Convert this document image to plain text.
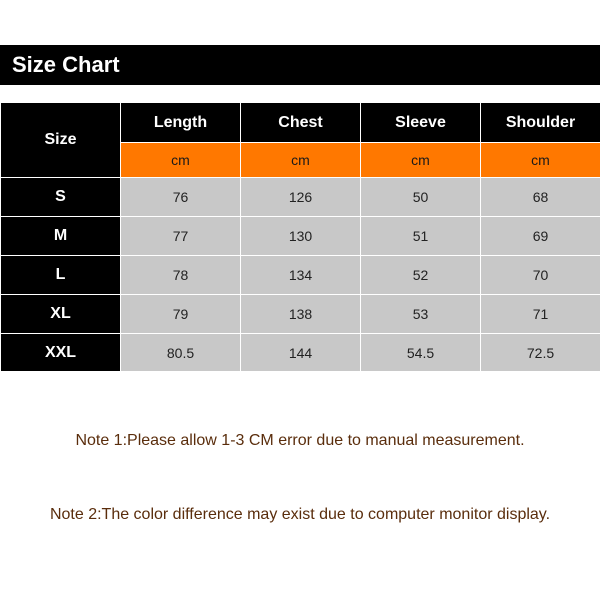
Size Chart
Size	Length	Chest	Sleeve	Shoulder
	cm	cm	cm	cm
S	76	126	50	68
M	77	130	51	69
L	78	134	52	70
XL	79	138	53	71
XXL	80.5	144	54.5	72.5
Note 1:Please allow 1-3 CM error due to manual measurement.
Note 2:The color difference may exist due to computer monitor display.
